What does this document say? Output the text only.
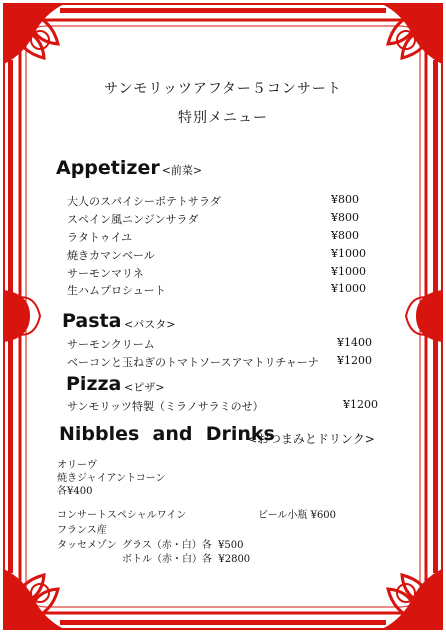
サンモリッツアフター５コンサート
特別メニュー
Appetizer <前菜>
大人のスパイシーポテトサラダ	¥800
スペイン風ニンジンサラダ	¥800
ラタトゥイユ	¥800
焼きカマンベール	¥1000
サーモンマリネ	¥1000
生ハムプロシュート	¥1000
Pasta <パスタ>
サーモンクリーム	¥1400
ベーコンと玉ねぎのトマトソースアマトリチャーナ ¥1200
Pizza <ピザ>
サンモリッツ特製（ミラノサラミのせ）	¥1200
Nibbles  and  Drinks
<おつまみとドリンク>
オリーヴ
焼きジャイアントコーン
各¥400
コンサートスペシャルワイン	ビール小瓶 ¥600
フランス産
タッセメゾン グラス（赤・白）各  ¥500
ボトル（赤・白）各  ¥2800
